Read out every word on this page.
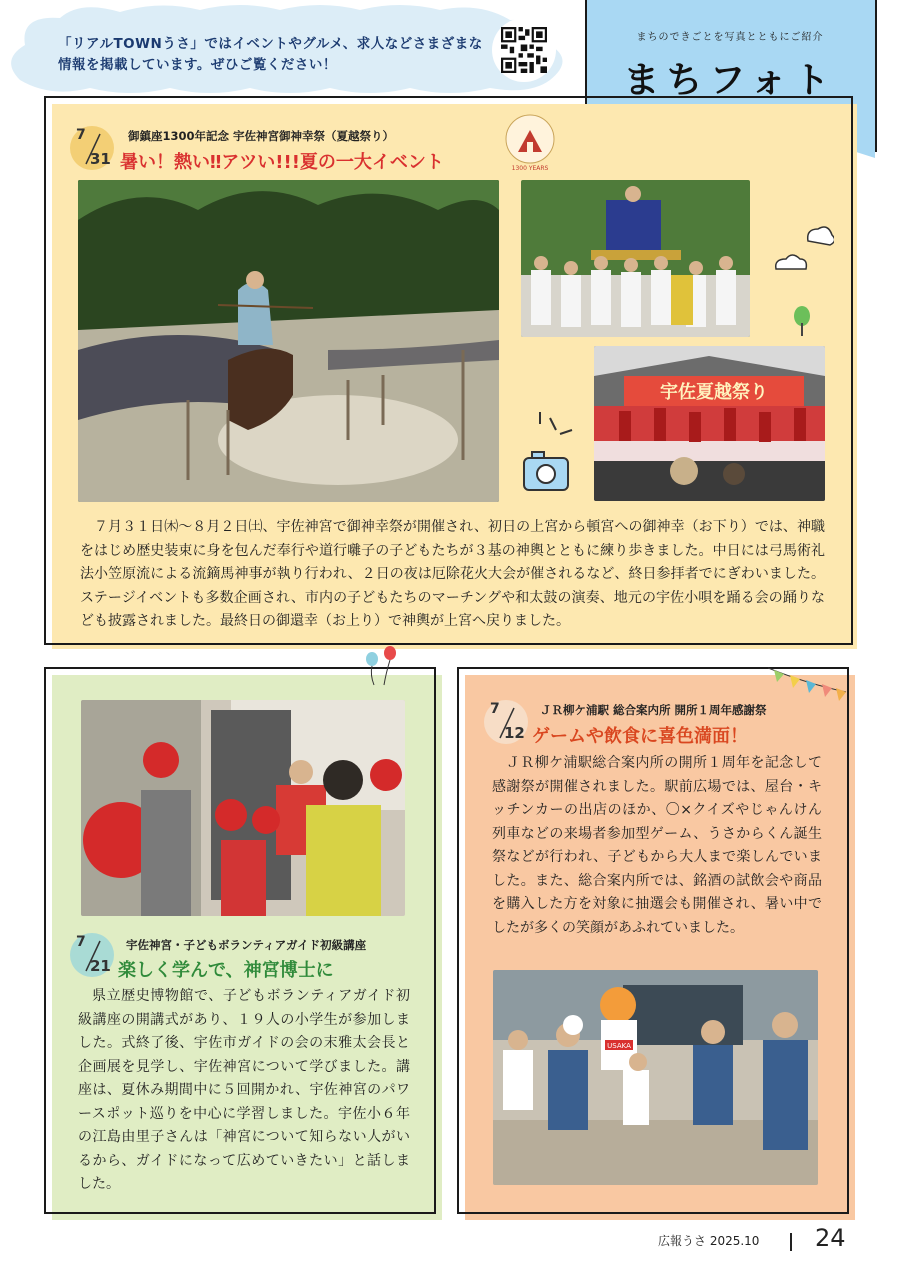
「リアルTOWNうさ」ではイベントやグルメ、求人などさまざまな情報を掲載しています。ぜひご覧ください！
まちのできごとを写真とともにご紹介
まちフォト
7
31
御鎮座1300年記念 宇佐神宮御神幸祭（夏越祭り）
暑い！熱い‼アツい!!!夏の一大イベント	1300 YEARS
宇佐夏越祭り
７月３１日㈭～８月２日㈯、宇佐神宮で御神幸祭が開催され、初日の上宮から頓宮への御神幸（お下り）では、神職をはじめ歴史装束に身を包んだ奉行や道行囃子の子どもたちが３基の神輿とともに練り歩きました。中日には弓馬術礼法小笠原流による流鏑馬神事が執り行われ、２日の夜は厄除花火大会が催されるなど、終日参拝者でにぎわいました。ステージイベントも多数企画され、市内の子どもたちのマーチングや和太鼓の演奏、地元の宇佐小唄を踊る会の踊りなども披露されました。最終日の御還幸（お上り）で神輿が上宮へ戻りました。
7
21
宇佐神宮・子どもボランティアガイド初級講座
楽しく学んで、神宮博士に
県立歴史博物館で、子どもボランティアガイド初級講座の開講式があり、１９人の小学生が参加しました。式終了後、宇佐市ガイドの会の末雅太会長と企画展を見学し、宇佐神宮について学びました。講座は、夏休み期間中に５回開かれ、宇佐神宮のパワースポット巡りを中心に学習しました。宇佐小６年の江島由里子さんは「神宮について知らない人がいるから、ガイドになって広めていきたい」と話しました。
7
12
ＪＲ柳ケ浦駅 総合案内所 開所１周年感謝祭
ゲームや飲食に喜色満面！
ＪＲ柳ケ浦駅総合案内所の開所１周年を記念して感謝祭が開催されました。駅前広場では、屋台・キッチンカーの出店のほか、〇×クイズやじゃんけん列車などの来場者参加型ゲーム、うさからくん誕生祭などが行われ、子どもから大人まで楽しんでいました。また、総合案内所では、銘酒の試飲会や商品を購入した方を対象に抽選会も開催され、暑い中でしたが多くの笑顔があふれていました。
USAKA
広報うさ 2025.10 24
